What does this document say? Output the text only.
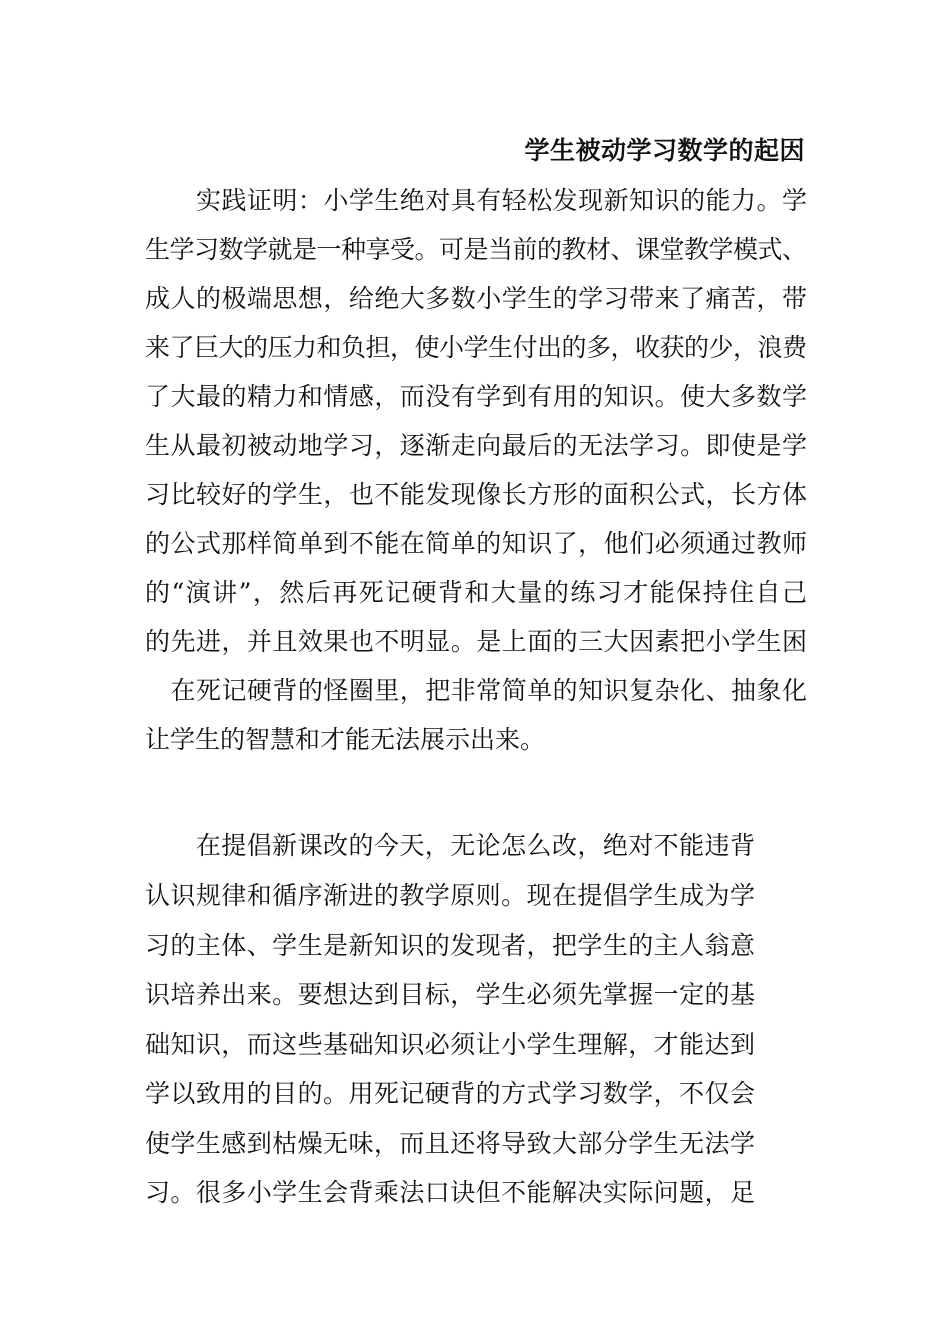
学生被动学习数学的起因
　　实践证明：小学生绝对具有轻松发现新知识的能力。学
生学习数学就是一种享受。可是当前的教材、课堂教学模式、
成人的极端思想，给绝大多数小学生的学习带来了痛苦，带
来了巨大的压力和负担，使小学生付出的多，收获的少，浪费
了大最的精力和情感，而没有学到有用的知识。使大多数学
生从最初被动地学习，逐渐走向最后的无法学习。即使是学
习比较好的学生，也不能发现像长方形的面积公式，长方体
的公式那样简单到不能在简单的知识了，他们必须通过教师
的“演讲”，然后再死记硬背和大量的练习才能保持住自己
的先进，并且效果也不明显。是上面的三大因素把小学生困
　在死记硬背的怪圈里，把非常简单的知识复杂化、抽象化
让学生的智慧和才能无法展示出来。
　　在提倡新课改的今天，无论怎么改，绝对不能违背
认识规律和循序渐进的教学原则。现在提倡学生成为学
习的主体、学生是新知识的发现者，把学生的主人翁意
识培养出来。要想达到目标，学生必须先掌握一定的基
础知识，而这些基础知识必须让小学生理解，才能达到
学以致用的目的。用死记硬背的方式学习数学，不仅会
使学生感到枯燥无味，而且还将导致大部分学生无法学
习。很多小学生会背乘法口诀但不能解决实际问题，足
